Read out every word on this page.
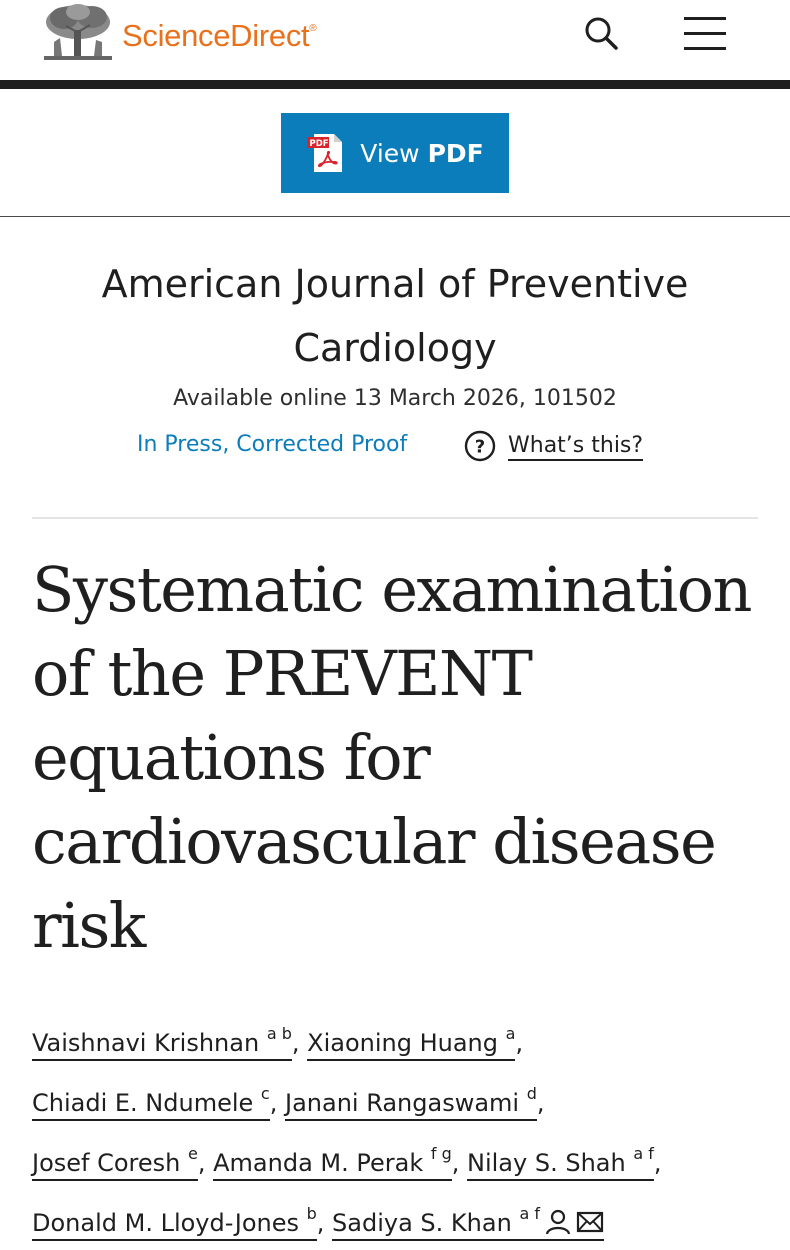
ScienceDirect®
PDF View PDF
American Journal of Preventive
Cardiology
Available online 13 March 2026, 101502
In Press, Corrected Proof	? What’s this?
Systematic examination
of the PREVENT
equations for
cardiovascular disease
risk
Vaishnavi Krishnan $^{a b}$, Xiaoning Huang $^a$,
Chiadi E. Ndumele $^c$, Janani Rangaswami $^d$,
Josef Coresh $^e$, Amanda M. Perak $^{f g}$, Nilay S. Shah $^{a f}$,
Donald M. Lloyd-Jones $^b$, Sadiya S. Khan $^{a f}$
